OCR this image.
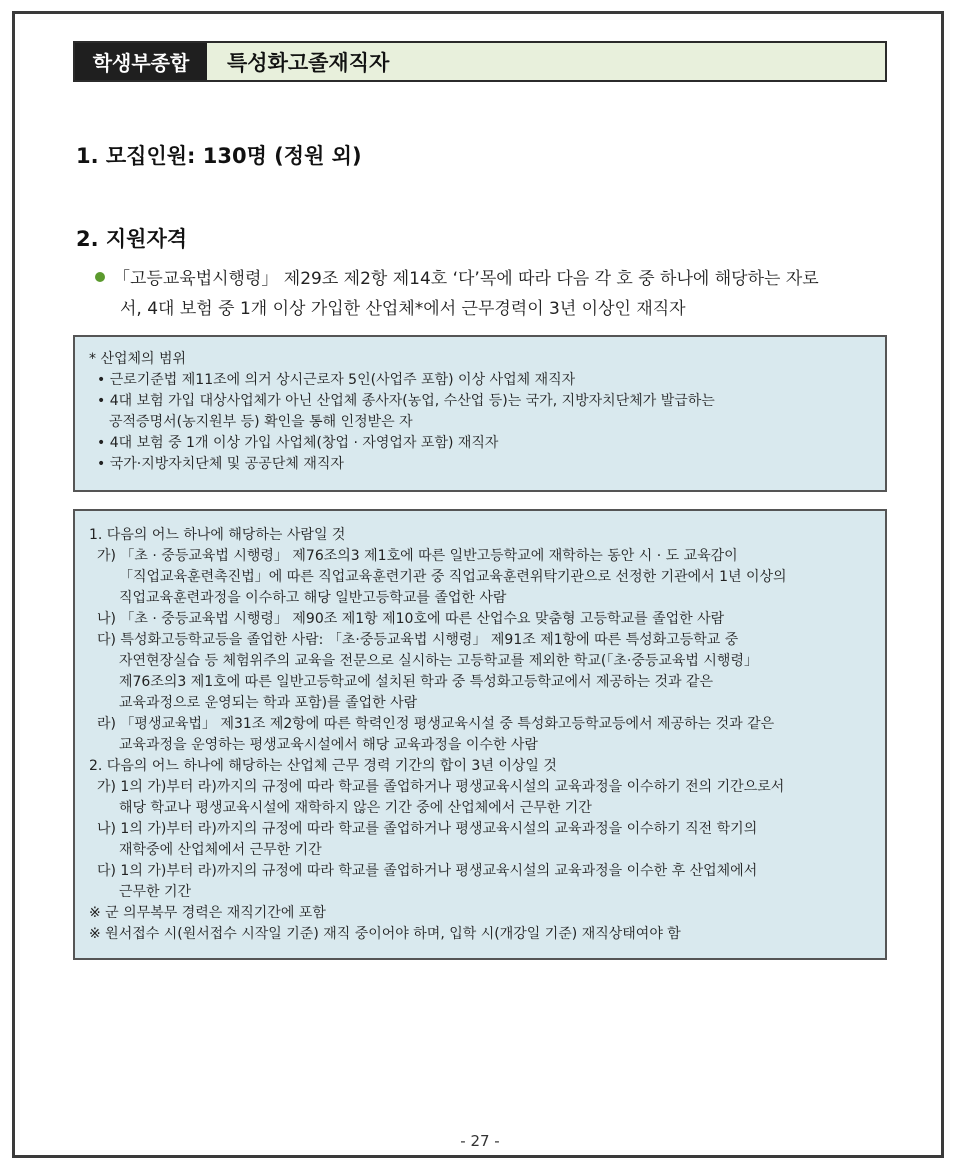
학생부종합	특성화고졸재직자
1. 모집인원: 130명 (정원 외)
2. 지원자격
「고등교육법시행령」 제29조 제2항 제14호 ‘다’목에 따라 다음 각 호 중 하나에 해당하는 자로
서, 4대 보험 중 1개 이상 가입한 산업체*에서 근무경력이 3년 이상인 재직자
* 산업체의 범위
• 근로기준법 제11조에 의거 상시근로자 5인(사업주 포함) 이상 사업체 재직자
• 4대 보험 가입 대상사업체가 아닌 산업체 종사자(농업, 수산업 등)는 국가, 지방자치단체가 발급하는
공적증명서(농지원부 등) 확인을 통해 인정받은 자
• 4대 보험 중 1개 이상 가입 사업체(창업 · 자영업자 포함) 재직자
• 국가·지방자치단체 및 공공단체 재직자
1. 다음의 어느 하나에 해당하는 사람일 것
가) 「초 · 중등교육법 시행령」 제76조의3 제1호에 따른 일반고등학교에 재학하는 동안 시 · 도 교육감이
「직업교육훈련촉진법」에 따른 직업교육훈련기관 중 직업교육훈련위탁기관으로 선정한 기관에서 1년 이상의
직업교육훈련과정을 이수하고 해당 일반고등학교를 졸업한 사람
나) 「초 · 중등교육법 시행령」 제90조 제1항 제10호에 따른 산업수요 맞춤형 고등학교를 졸업한 사람
다) 특성화고등학교등을 졸업한 사람: 「초·중등교육법 시행령」 제91조 제1항에 따른 특성화고등학교 중
자연현장실습 등 체험위주의 교육을 전문으로 실시하는 고등학교를 제외한 학교(「초·중등교육법 시행령」
제76조의3 제1호에 따른 일반고등학교에 설치된 학과 중 특성화고등학교에서 제공하는 것과 같은
교육과정으로 운영되는 학과 포함)를 졸업한 사람
라) 「평생교육법」 제31조 제2항에 따른 학력인정 평생교육시설 중 특성화고등학교등에서 제공하는 것과 같은
교육과정을 운영하는 평생교육시설에서 해당 교육과정을 이수한 사람
2. 다음의 어느 하나에 해당하는 산업체 근무 경력 기간의 합이 3년 이상일 것
가) 1의 가)부터 라)까지의 규정에 따라 학교를 졸업하거나 평생교육시설의 교육과정을 이수하기 전의 기간으로서
해당 학교나 평생교육시설에 재학하지 않은 기간 중에 산업체에서 근무한 기간
나) 1의 가)부터 라)까지의 규정에 따라 학교를 졸업하거나 평생교육시설의 교육과정을 이수하기 직전 학기의
재학중에 산업체에서 근무한 기간
다) 1의 가)부터 라)까지의 규정에 따라 학교를 졸업하거나 평생교육시설의 교육과정을 이수한 후 산업체에서
근무한 기간
※ 군 의무복무 경력은 재직기간에 포함
※ 원서접수 시(원서접수 시작일 기준) 재직 중이어야 하며, 입학 시(개강일 기준) 재직상태여야 함
- 27 -
